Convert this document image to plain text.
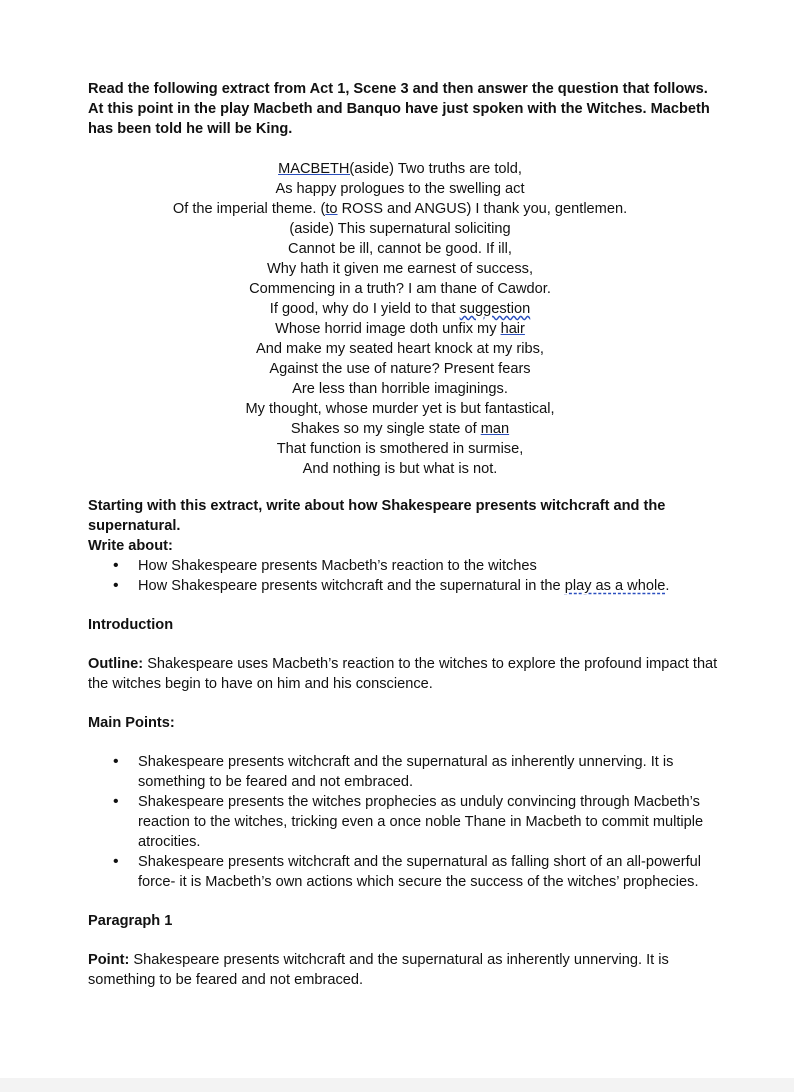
Read the following extract from Act 1, Scene 3 and then answer the question that follows.

At this point in the play Macbeth and Banquo have just spoken with the Witches. Macbeth

has been told he will be King.

MACBETH(aside) Two truths are told,
As happy prologues to the swelling act
Of the imperial theme. (to ROSS and ANGUS) I thank you, gentlemen.
(aside) This supernatural soliciting
Cannot be ill, cannot be good. If ill,
Why hath it given me earnest of success,
Commencing in a truth? I am thane of Cawdor.
If good, why do I yield to that suggestion
Whose horrid image doth unfix my hair
And make my seated heart knock at my ribs,
Against the use of nature? Present fears
Are less than horrible imaginings.
My thought, whose murder yet is but fantastical,
Shakes so my single state of man
That function is smothered in surmise,
And nothing is but what is not.

Starting with this extract, write about how Shakespeare presents witchcraft and the

supernatural.

Write about:

• How Shakespeare presents Macbeth’s reaction to the witches
• How Shakespeare presents witchcraft and the supernatural in the play as a whole.
Introduction

Outline: Shakespeare uses Macbeth’s reaction to the witches to explore the profound impact that the witches begin to have on him and his conscience.

Main Points:
• Shakespeare presents witchcraft and the supernatural as inherently unnerving. It is something to be feared and not embraced.
• Shakespeare presents the witches prophecies as unduly convincing through Macbeth’s reaction to the witches, tricking even a once noble Thane in Macbeth to commit multiple atrocities.
• Shakespeare presents witchcraft and the supernatural as falling short of an all-powerful force- it is Macbeth’s own actions which secure the success of the witches’ prophecies.
Paragraph 1

Point: Shakespeare presents witchcraft and the supernatural as inherently unnerving. It is something to be feared and not embraced.
